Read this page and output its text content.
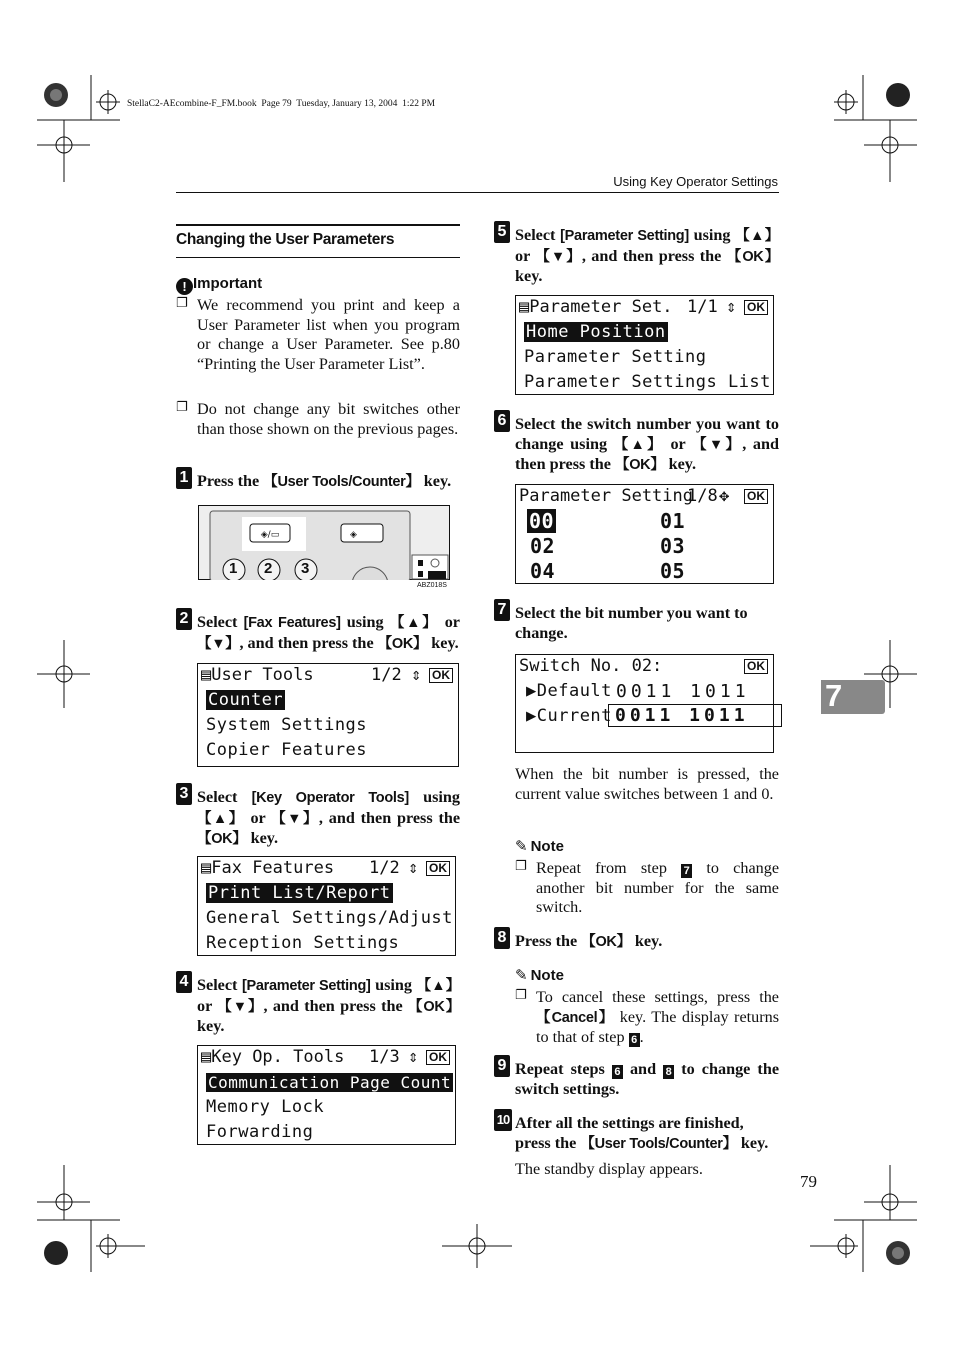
StellaC2-AEcombine-F_FM.book  Page 79  Tuesday, January 13, 2004  1:22 PM
Using Key Operator Settings
7
79
Changing the User Parameters
! Important
❐ We recommend you print and keep a User Parameter list when you program or change a User Parameter. See p.80 “Printing the User Parameter List”.
❐ Do not change any bit switches other than those shown on the previous pages.
1 Press the 【User Tools/Counter】 key.
◈/▭	◈
1 2 3
ABZ018S
2 Select [Fax Features] using 【▲】 or 【▼】, and then press the 【OK】 key.
▤User Tools	1/2 ⇕ OK
Counter
System Settings
Copier Features
3 Select [Key Operator Tools] using 【▲】 or 【▼】, and then press the 【OK】 key.
▤Fax Features 1/2 ⇕ OK
Print List/Report
General Settings/Adjust
Reception Settings
4 Select [Parameter Setting] using 【▲】 or 【▼】, and then press the 【OK】 key.
▤Key Op. Tools 1/3 ⇕ OK
Communication Page Count
Memory Lock
Forwarding
5 Select [Parameter Setting] using 【▲】 or 【▼】, and then press the 【OK】 key.
▤Parameter Set. 1/1 ⇕ OK
Home Position
Parameter Setting
Parameter Settings List
6 Select the switch number you want to change using 【▲】 or 【▼】, and then press the 【OK】 key.
Parameter Setting
1/8 ✥ OK
00	01
02	03
04	05
7 Select the bit number you want to change.
Switch No. 02:	OK
▶Default 0011 1011
▶Current 0011 1011
When the bit number is pressed, the current value switches between 1 and 0.
✎ Note
❐ Repeat from step 7 to change another bit number for the same switch.
8 Press the 【OK】 key.
✎ Note
❐ To cancel these settings, press the 【Cancel】 key. The display returns to that of step 6 .
9 Repeat steps 6 and 8 to change the switch settings.
10 After all the settings are finished, press the 【User Tools/Counter】 key.
The standby display appears.
